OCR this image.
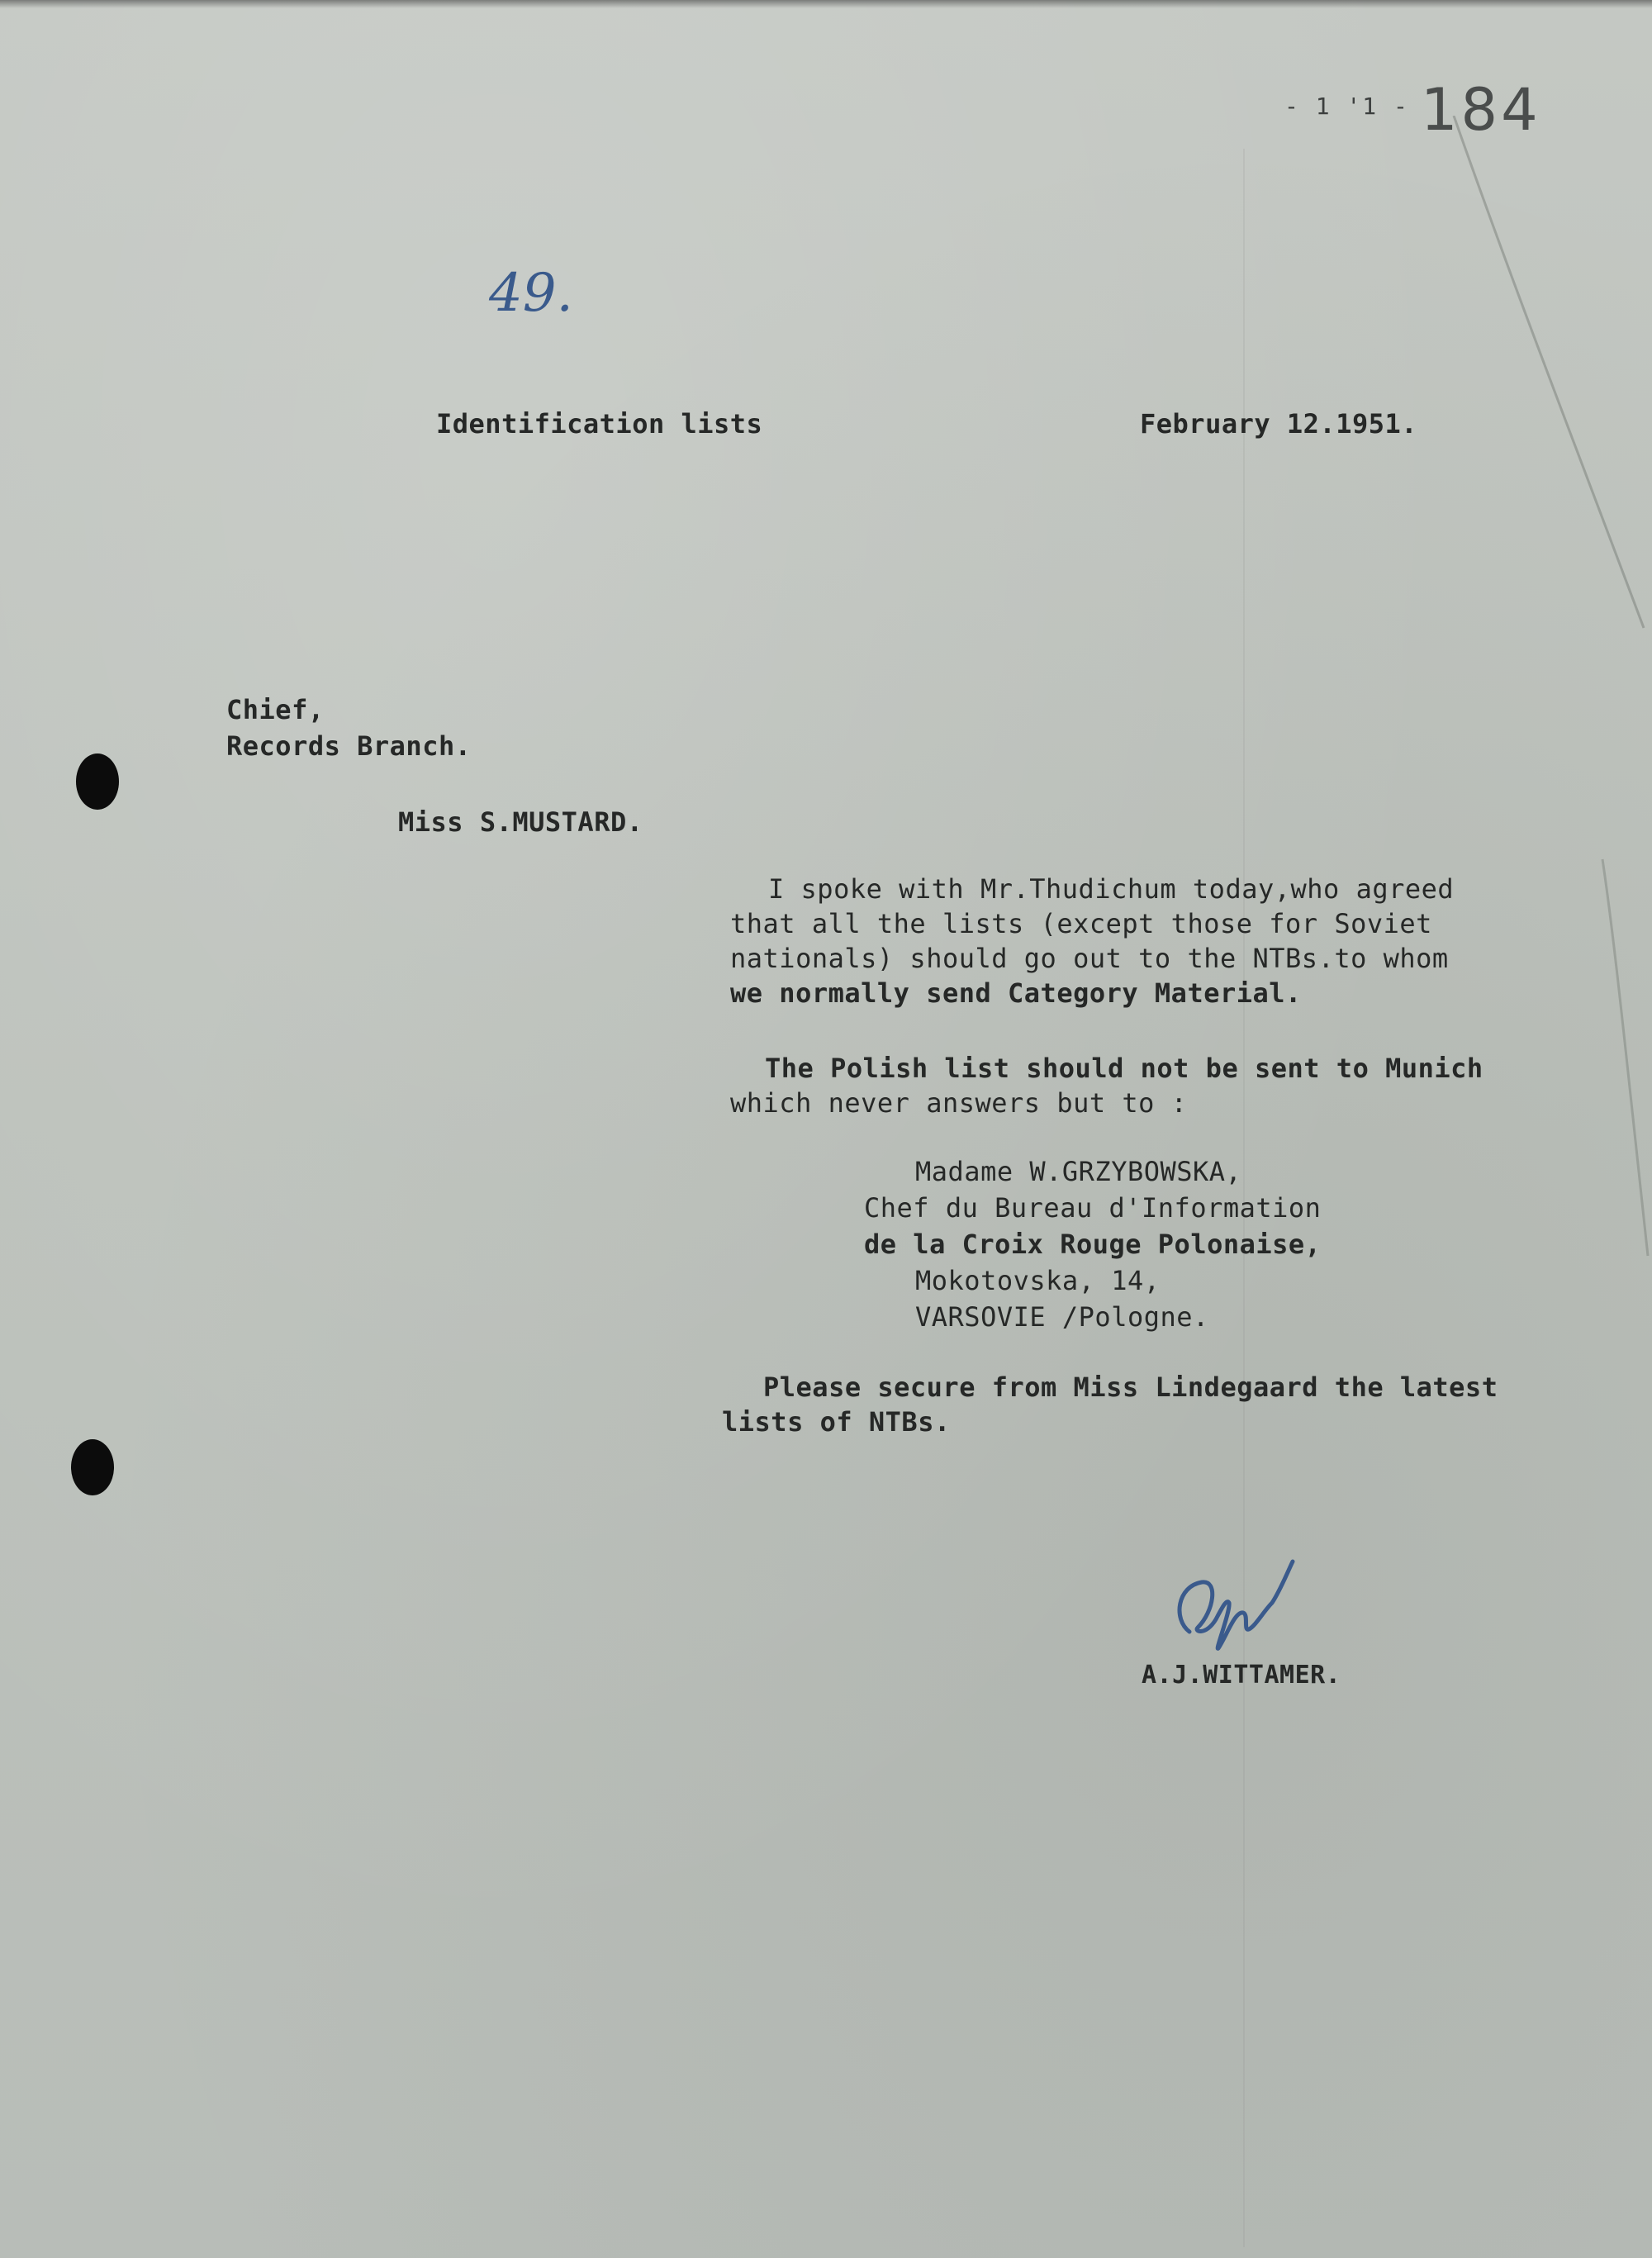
- 1 '1 - 184
49.
Identification lists	February 12.1951.
Chief,
Records Branch.
Miss S.MUSTARD.
I spoke with Mr.Thudichum today,who agreed
that all the lists (except those for Soviet
nationals) should go out to the NTBs.to whom
we normally send Category Material.
The Polish list should not be sent to Munich
which never answers but to :
Madame W.GRZYBOWSKA,
Chef du Bureau d'Information
de la Croix Rouge Polonaise,
Mokotovska, 14,
VARSOVIE /Pologne.
Please secure from Miss Lindegaard the latest
lists of NTBs.
A.J.WITTAMER.
